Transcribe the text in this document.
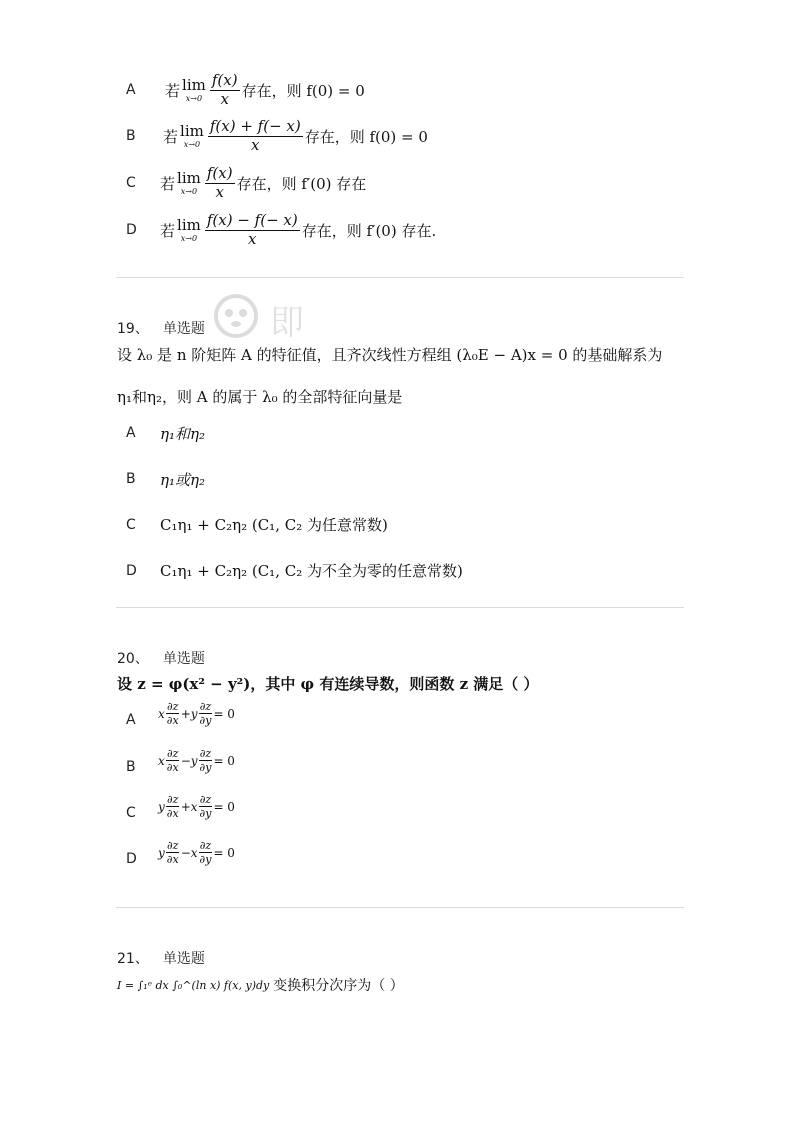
A 若 lim
$x\to 0 \frac{f(x)}{x}$ 存在，则 f(0) = 0
B 若 lim
$x\to 0 \frac{f(x) + f(- x)}{x}$ 存在，则 f(0) = 0
C 若 lim
$x\to 0 \frac{f(x)}{x}$ 存在，则 f′(0) 存在
D 若 lim
$x\to 0 \frac{f(x) - f(- x)}{x}$ 存在，则 f′(0) 存在.
即
19、 单选题
设 λ₀ 是 n 阶矩阵 A 的特征值，且齐次线性方程组 (λ₀E − A)x = 0 的基础解系为
η₁和η₂，则 A 的属于 λ₀ 的全部特征向量是
A η₁和η₂
B η₁或η₂
C C₁η₁ + C₂η₂ (C₁, C₂ 为任意常数)
D C₁η₁ + C₂η₂ (C₁, C₂ 为不全为零的任意常数)
20、 单选题
设 z = φ(x² − y²)，其中 φ 有连续导数，则函数 z 满足（ ）
A x
∂z
∂x + y $\frac{\partial z}{\partial y} = 0$
B x
∂z
∂x − y $\frac{\partial z}{\partial y} = 0$
C y
∂z
∂x + x $\frac{\partial z}{\partial y} = 0$
D y
∂z
∂x − x $\frac{\partial z}{\partial y} = 0$
21、 单选题
I = ∫₁ᵉ dx ∫₀^(ln x) f(x, y)dy 变换积分次序为（ ）
